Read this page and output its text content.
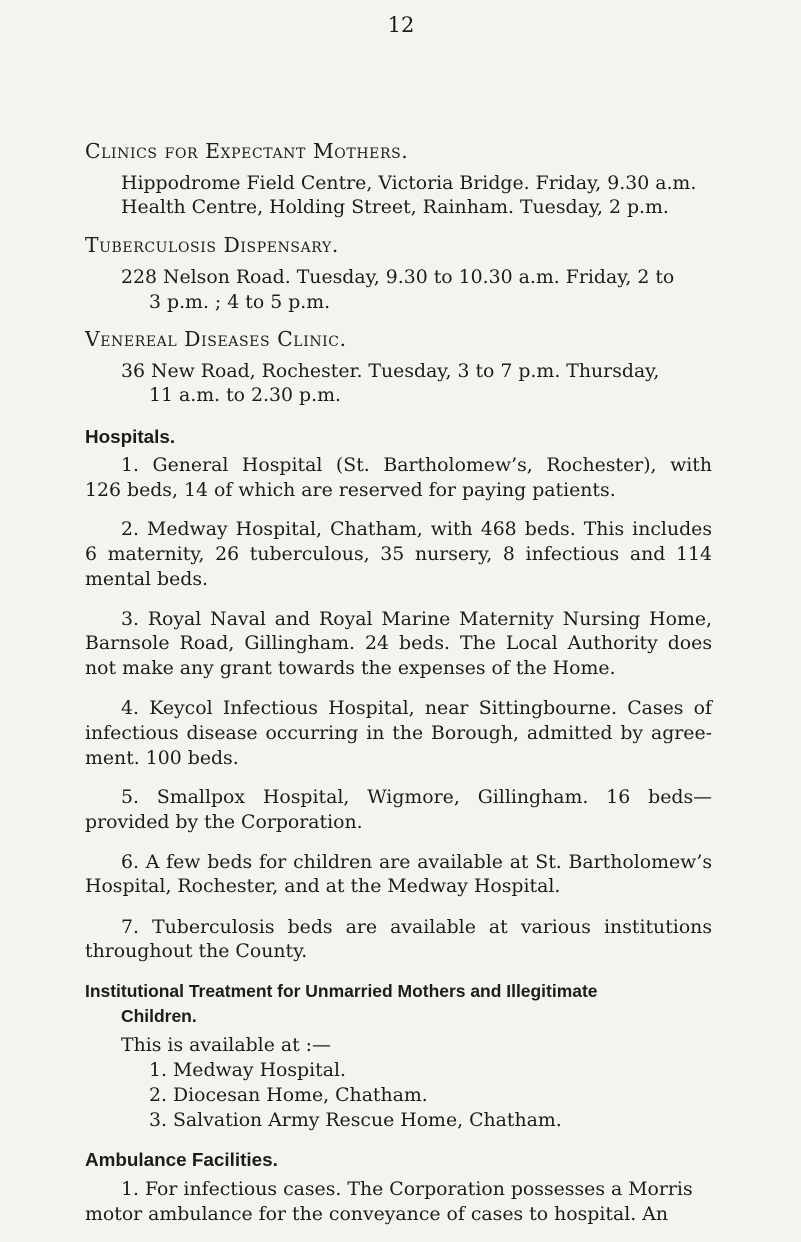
12
Clinics for Expectant Mothers.
Hippodrome Field Centre, Victoria Bridge. Friday, 9.30 a.m.
Health Centre, Holding Street, Rainham. Tuesday, 2 p.m.
Tuberculosis Dispensary.
228 Nelson Road. Tuesday, 9.30 to 10.30 a.m. Friday, 2 to
3 p.m. ; 4 to 5 p.m.
Venereal Diseases Clinic.
36 New Road, Rochester. Tuesday, 3 to 7 p.m. Thursday,
11 a.m. to 2.30 p.m.
Hospitals.
1. General Hospital (St. Bartholomew’s, Rochester), with
126 beds, 14 of which are reserved for paying patients.
2. Medway Hospital, Chatham, with 468 beds. This includes
6 maternity, 26 tuberculous, 35 nursery, 8 infectious and 114
mental beds.
3. Royal Naval and Royal Marine Maternity Nursing Home,
Barnsole Road, Gillingham. 24 beds. The Local Authority does
not make any grant towards the expenses of the Home.
4. Keycol Infectious Hospital, near Sittingbourne. Cases of
infectious disease occurring in the Borough, admitted by agree-
ment. 100 beds.
5. Smallpox Hospital, Wigmore, Gillingham. 16 beds—
provided by the Corporation.
6. A few beds for children are available at St. Bartholomew’s
Hospital, Rochester, and at the Medway Hospital.
7. Tuberculosis beds are available at various institutions
throughout the County.
Institutional Treatment for Unmarried Mothers and Illegitimate
Children.
This is available at :—
1. Medway Hospital.
2. Diocesan Home, Chatham.
3. Salvation Army Rescue Home, Chatham.
Ambulance Facilities.
1. For infectious cases. The Corporation possesses a Morris
motor ambulance for the conveyance of cases to hospital. An
